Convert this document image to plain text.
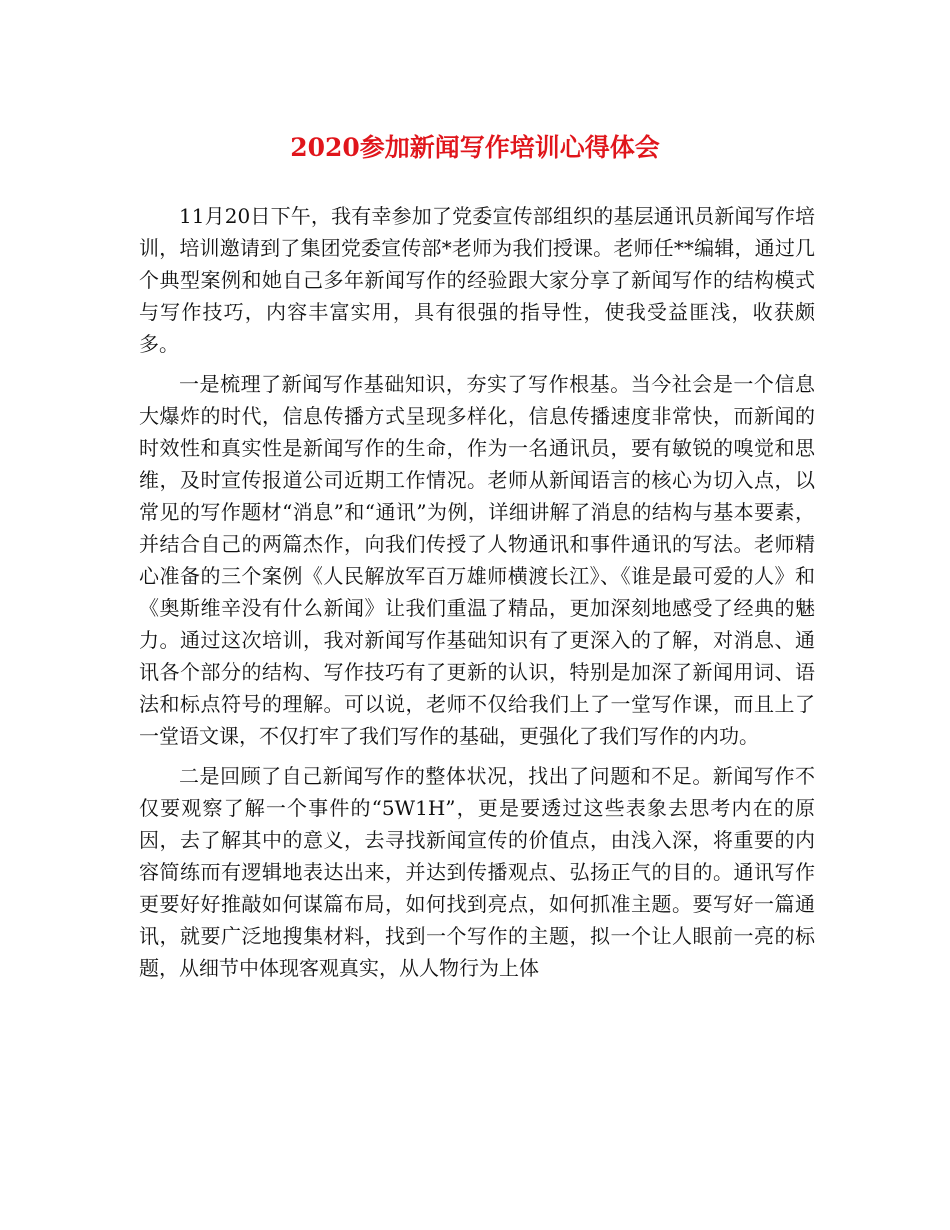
2020参加新闻写作培训心得体会

11月20日下午，我有幸参加了党委宣传部组织的基层通讯员新闻写作培训，培训邀请到了集团党委宣传部*老师为我们授课。老师任**编辑，通过几个典型案例和她自己多年新闻写作的经验跟大家分享了新闻写作的结构模式与写作技巧，内容丰富实用，具有很强的指导性，使我受益匪浅，收获颇多。

一是梳理了新闻写作基础知识，夯实了写作根基。当今社会是一个信息大爆炸的时代，信息传播方式呈现多样化，信息传播速度非常快，而新闻的时效性和真实性是新闻写作的生命，作为一名通讯员，要有敏锐的嗅觉和思维，及时宣传报道公司近期工作情况。老师从新闻语言的核心为切入点，以常见的写作题材“消息”和“通讯”为例，详细讲解了消息的结构与基本要素，并结合自己的两篇杰作，向我们传授了人物通讯和事件通讯的写法。老师精心准备的三个案例《人民解放军百万雄师横渡长江》、《谁是最可爱的人》和《奥斯维辛没有什么新闻》让我们重温了精品，更加深刻地感受了经典的魅力。通过这次培训，我对新闻写作基础知识有了更深入的了解，对消息、通讯各个部分的结构、写作技巧有了更新的认识，特别是加深了新闻用词、语法和标点符号的理解。可以说，老师不仅给我们上了一堂写作课，而且上了一堂语文课，不仅打牢了我们写作的基础，更强化了我们写作的内功。

二是回顾了自己新闻写作的整体状况，找出了问题和不足。新闻写作不仅要观察了解一个事件的“5W1H”，更是要透过这些表象去思考内在的原因，去了解其中的意义，去寻找新闻宣传的价值点，由浅入深，将重要的内容简练而有逻辑地表达出来，并达到传播观点、弘扬正气的目的。通讯写作更要好好推敲如何谋篇布局，如何找到亮点，如何抓准主题。要写好一篇通讯，就要广泛地搜集材料，找到一个写作的主题，拟一个让人眼前一亮的标题，从细节中体现客观真实，从人物行为上体
